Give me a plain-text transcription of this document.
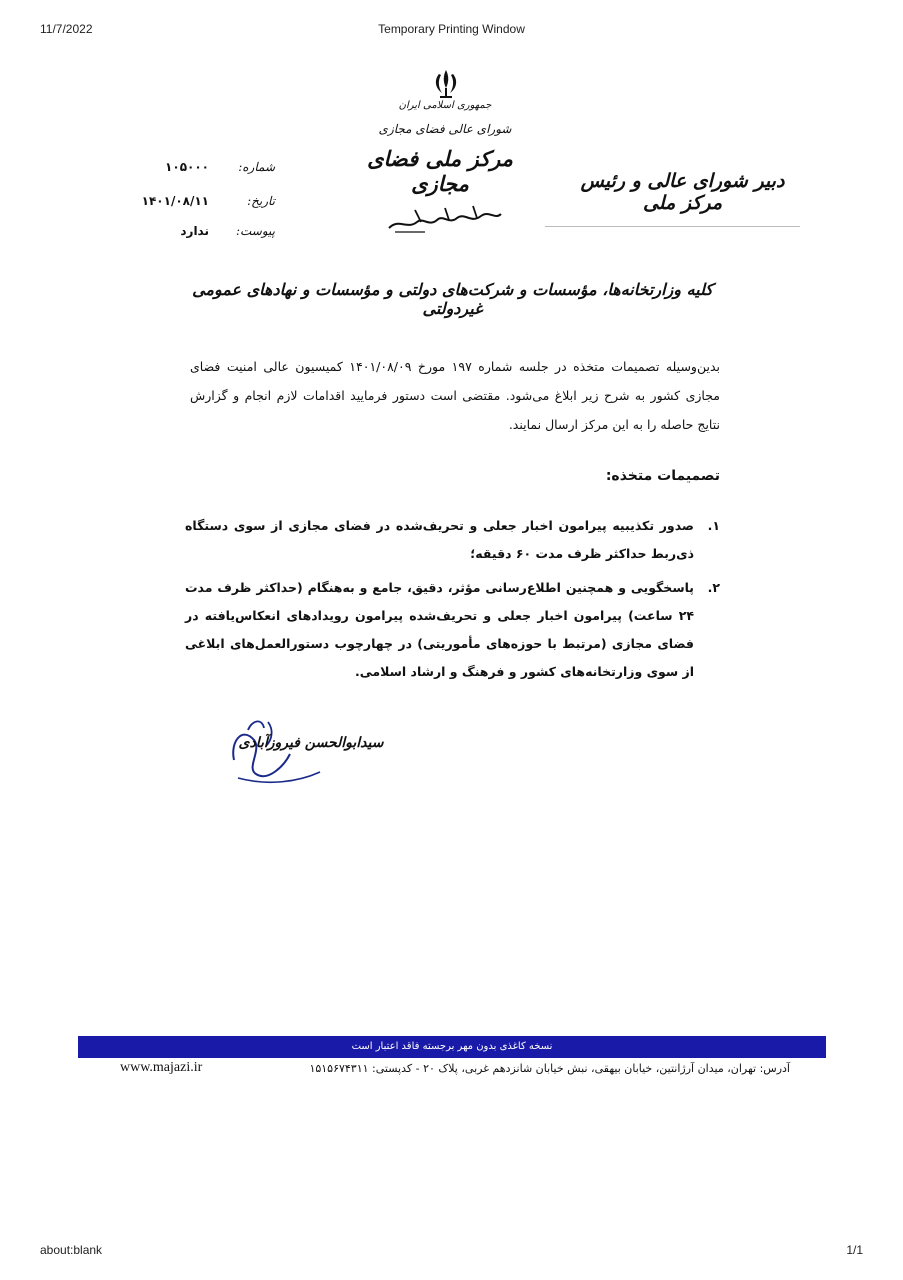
11/7/2022	Temporary Printing Window
جمهوری اسلامی ایران
شورای عالی فضای مجازی
مرکز ملی فضای مجازی	دبیر شورای عالی و رئیس مرکز ملی
شماره:
۱۰۵۰۰۰
تاریخ:
۱۴۰۱/۰۸/۱۱
پیوست:
ندارد
کلیه وزارتخانه‌ها، مؤسسات و شرکت‌های دولتی و مؤسسات و نهادهای عمومی غیردولتی
بدین‌وسیله تصمیمات متخذه در جلسه شماره ۱۹۷ مورخ ۱۴۰۱/۰۸/۰۹ کمیسیون عالی امنیت فضای مجازی کشور به شرح زیر ابلاغ می‌شود. مقتضی است دستور فرمایید اقدامات لازم انجام و گزارش نتایج حاصله را به این مرکز ارسال نمایند.
تصمیمات متخذه:
۱.
صدور تکذیبیه پیرامون اخبار جعلی و تحریف‌شده در فضای مجازی از سوی دستگاه ذی‌ربط حداکثر ظرف مدت ۶۰ دقیقه؛
۲.
پاسخگویی و همچنین اطلاع‌رسانی مؤثر، دقیق، جامع و به‌هنگام (حداکثر ظرف مدت ۲۴ ساعت) پیرامون اخبار جعلی و تحریف‌شده پیرامون رویدادهای انعکاس‌یافته در فضای مجازی (مرتبط با حوزه‌های مأموریتی) در چهارچوب دستورالعمل‌های ابلاغی از سوی وزارتخانه‌های کشور و فرهنگ و ارشاد اسلامی.
سیدابوالحسن فیروزآبادی
نسخه کاغذی بدون مهر برجسته فاقد اعتبار است
آدرس: تهران، میدان آرژانتین، خیابان بیهقی، نبش خیابان شانزدهم غربی، پلاک ۲۰ - کدپستی: ۱۵۱۵۶۷۴۳۱۱
www.majazi.ir
about:blank	1/1
